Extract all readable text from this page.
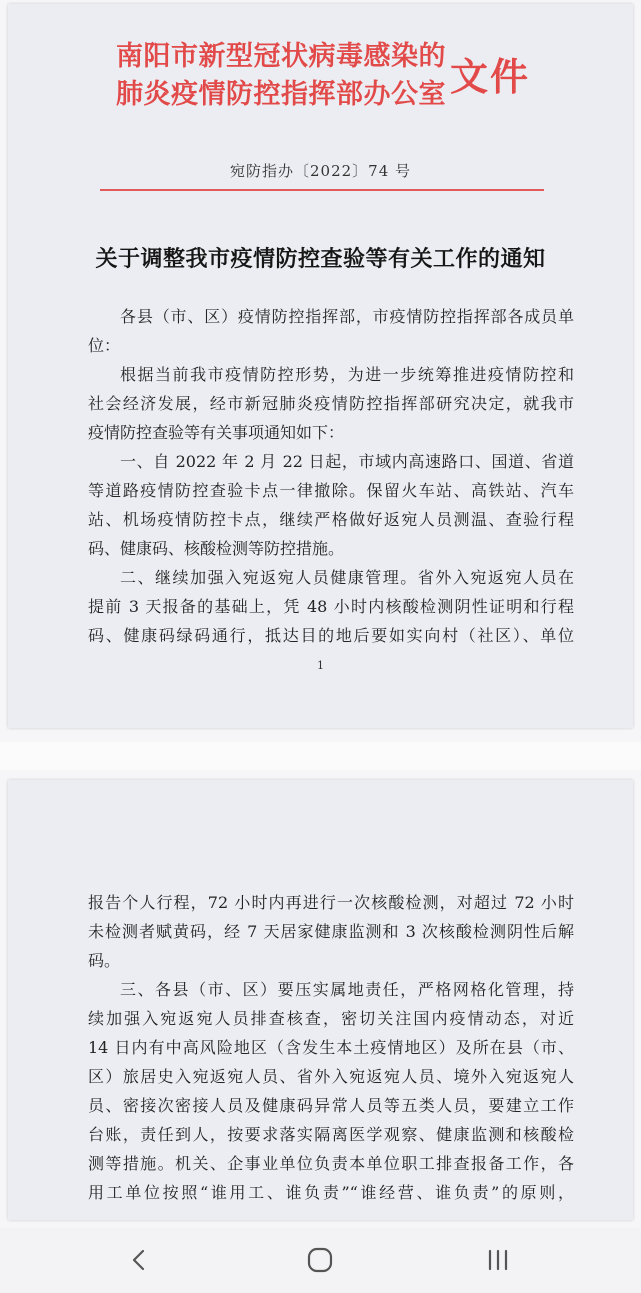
南阳市新型冠状病毒感染的
肺炎疫情防控指挥部办公室 文件
宛防指办〔2022〕74 号
关于调整我市疫情防控查验等有关工作的通知

各县（市、区）疫情防控指挥部，市疫情防控指挥部各成员单位：

根据当前我市疫情防控形势，为进一步统筹推进疫情防控和

社会经济发展，经市新冠肺炎疫情防控指挥部研究决定，就我市

疫情防控查验等有关事项通知如下：

一、自 2022 年 2 月 22 日起，市域内高速路口、国道、省道

等道路疫情防控查验卡点一律撤除。保留火车站、高铁站、汽车

站、机场疫情防控卡点，继续严格做好返宛人员测温、查验行程

码、健康码、核酸检测等防控措施。

二、继续加强入宛返宛人员健康管理。省外入宛返宛人员在

提前 3 天报备的基础上，凭 48 小时内核酸检测阴性证明和行程

码、健康码绿码通行，抵达目的地后要如实向村（社区）、单位

1

报告个人行程，72 小时内再进行一次核酸检测，对超过 72 小时

未检测者赋黄码，经 7 天居家健康监测和 3 次核酸检测阴性后解

码。

三、各县（市、区）要压实属地责任，严格网格化管理，持

续加强入宛返宛人员排查核查，密切关注国内疫情动态，对近

14 日内有中高风险地区（含发生本土疫情地区）及所在县（市、

区）旅居史入宛返宛人员、省外入宛返宛人员、境外入宛返宛人

员、密接次密接人员及健康码异常人员等五类人员，要建立工作

台账，责任到人，按要求落实隔离医学观察、健康监测和核酸检

测等措施。机关、企事业单位负责本单位职工排查报备工作，各

用工单位按照“谁用工、谁负责”“谁经营、谁负责”的原则，
